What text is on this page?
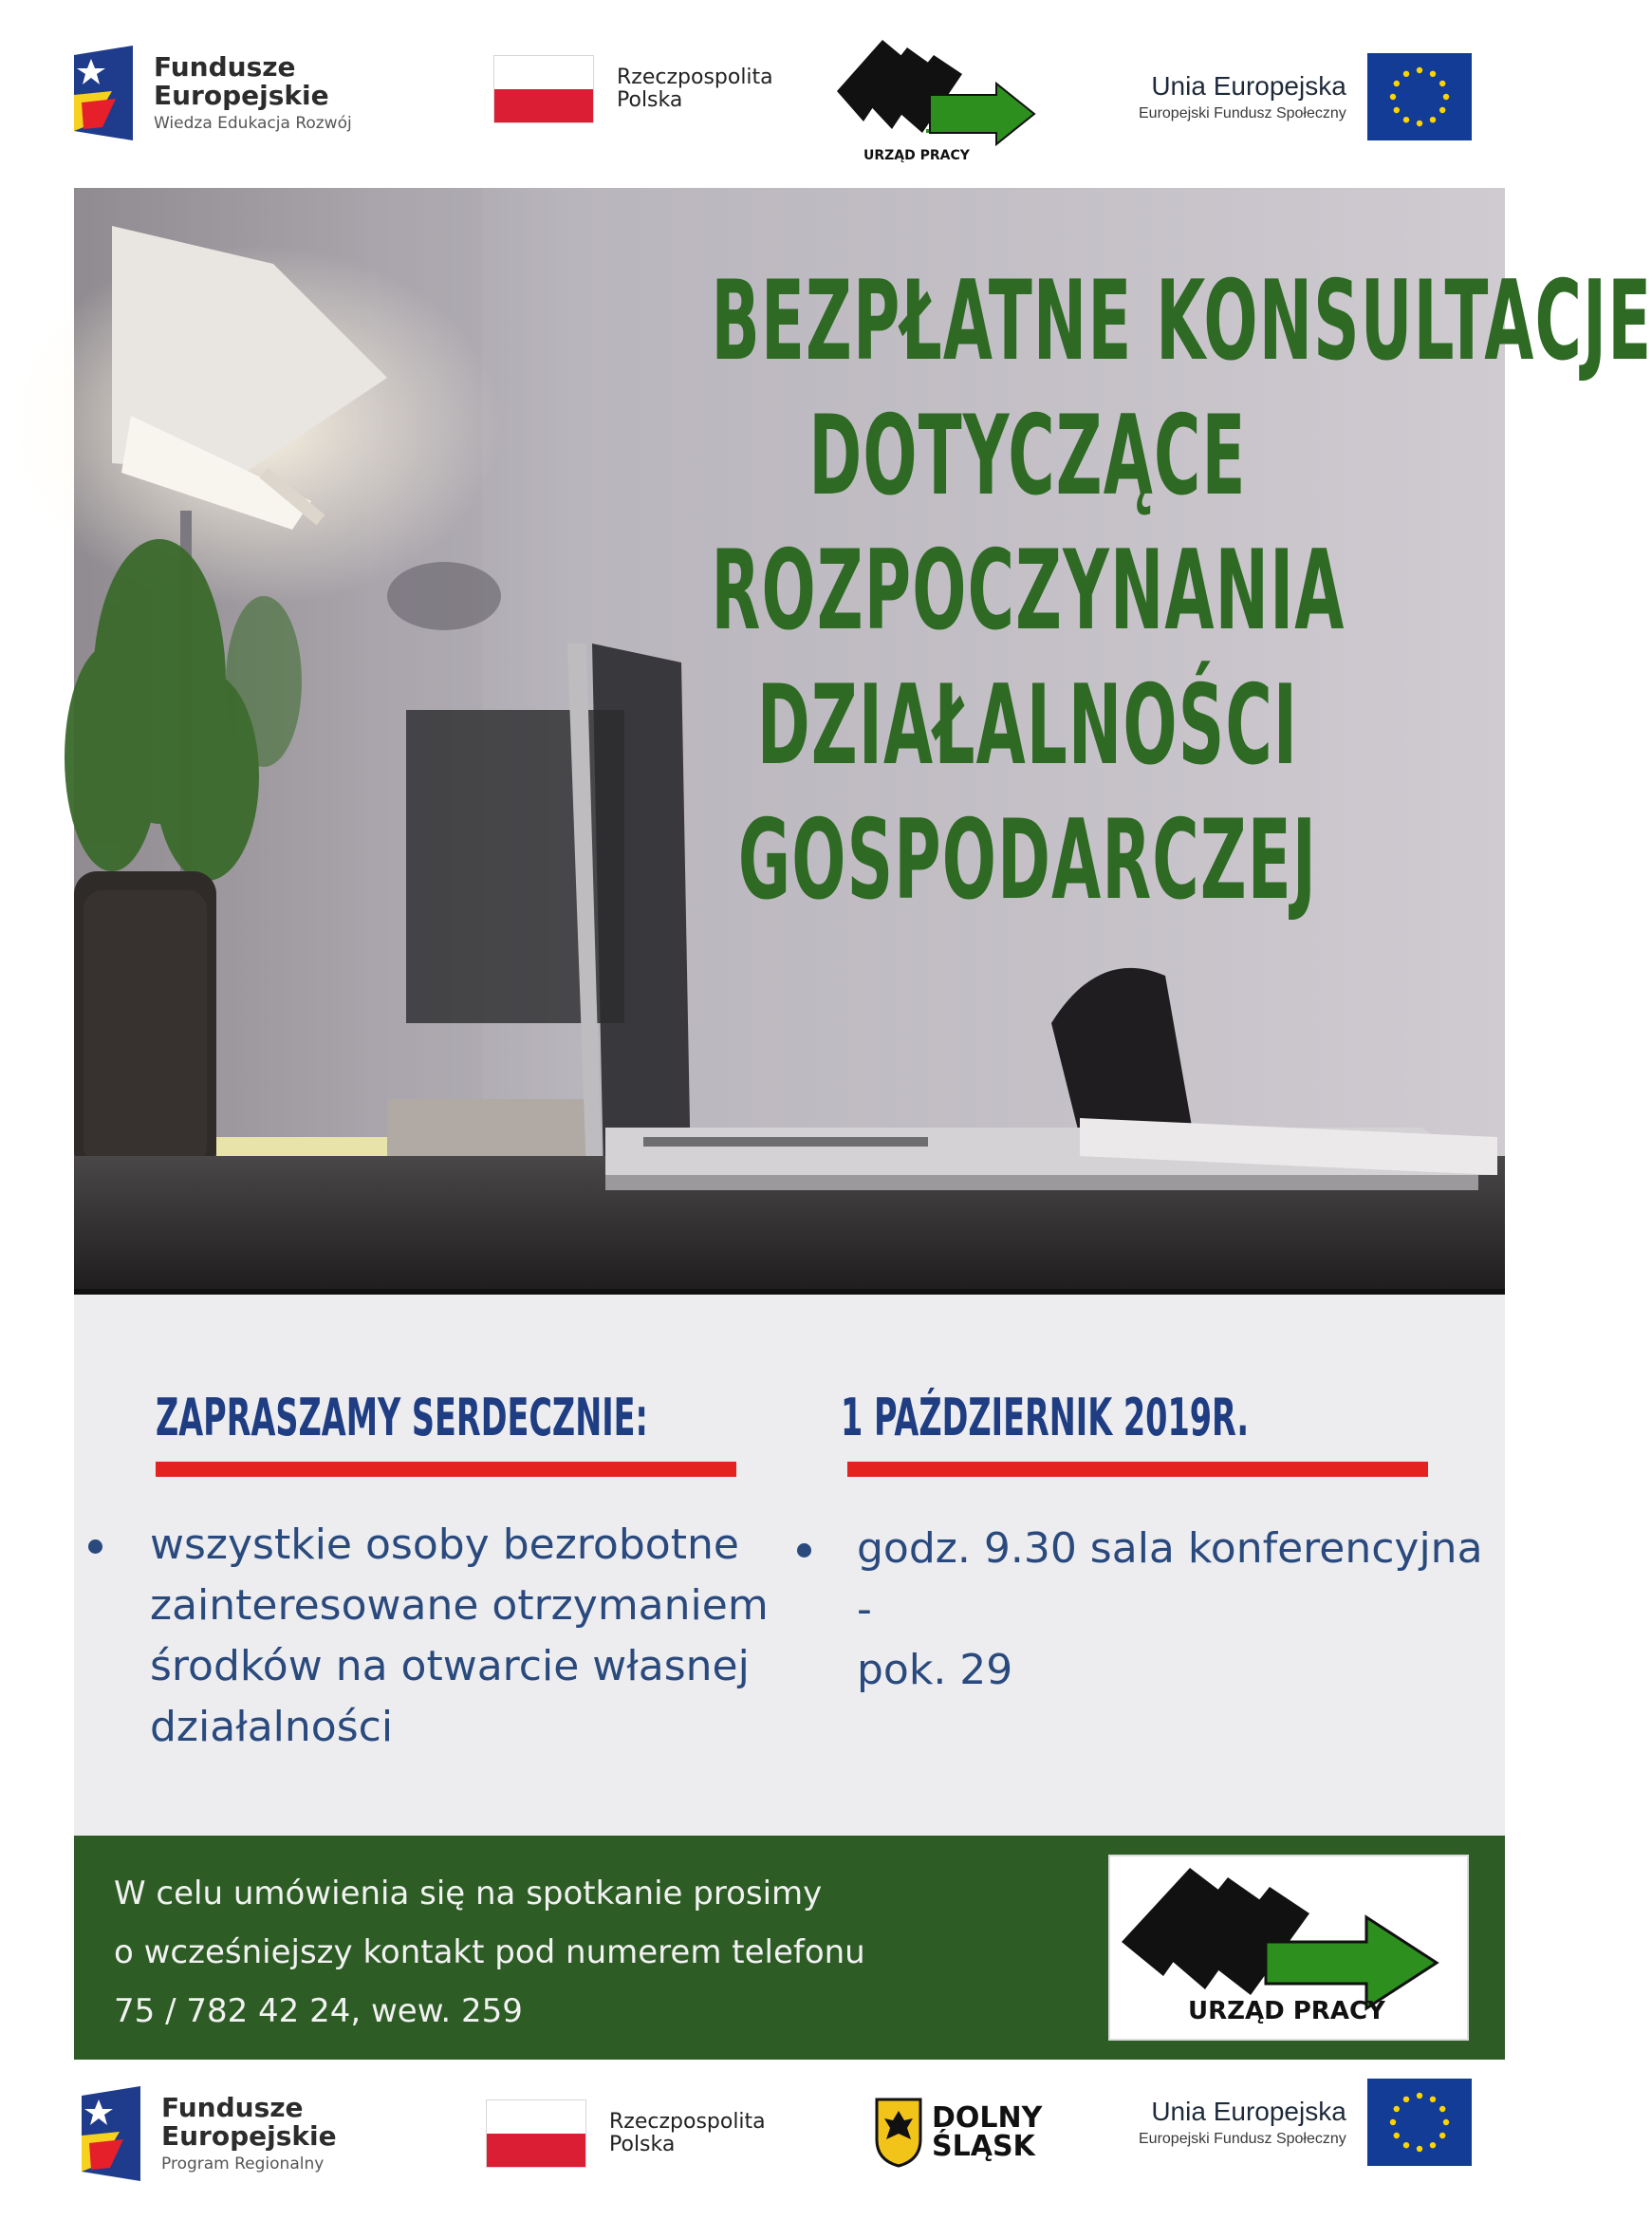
Fundusze
Europejskie
Wiedza Edukacja Rozwój
Rzeczpospolita
Polska
URZĄD PRACY
Unia Europejska
Europejski Fundusz Społeczny
BEZPŁATNE KONSULTACJE
DOTYCZĄCE
ROZPOCZYNANIA
DZIAŁALNOŚCI
GOSPODARCZEJ
ZAPRASZAMY SERDECZNIE:
wszystkie osoby bezrobotne
zainteresowane otrzymaniem
środków na otwarcie własnej
działalności
1 PAŹDZIERNIK 2019R.
godz. 9.30 sala konferencyjna -
pok. 29
W celu umówienia się na spotkanie prosimy
o wcześniejszy kontakt pod numerem telefonu
75 / 782 42 24, wew. 259	URZĄD PRACY
Fundusze
Europejskie
Program Regionalny
Rzeczpospolita
Polska
DOLNY
ŚLĄSK
Unia Europejska
Europejski Fundusz Społeczny
